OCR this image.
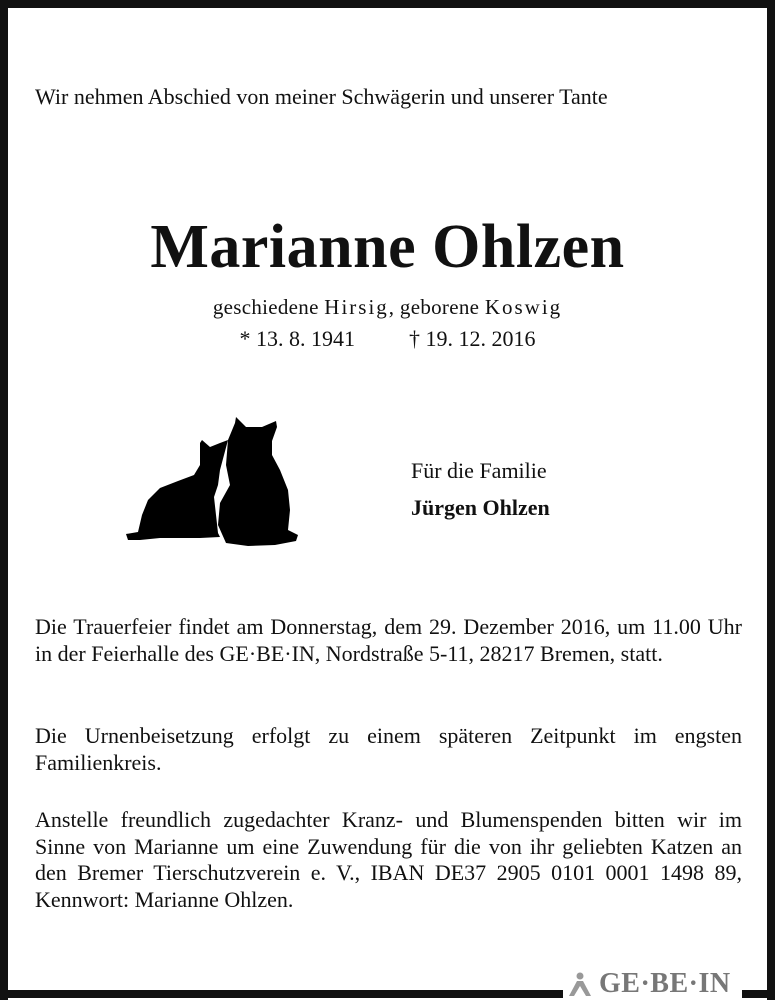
Wir nehmen Abschied von meiner Schwägerin und unserer Tante
Marianne Ohlzen
geschiedene Hirsig, geborene Koswig
* 13. 8. 1941 † 19. 12. 2016
Für die Familie
Jürgen Ohlzen
Die Trauerfeier findet am Donnerstag, dem 29. Dezember 2016, um 11.00 Uhr in der Feierhalle des GE·BE·IN, Nordstraße 5-11, 28217 Bremen, statt.
Die Urnenbeisetzung erfolgt zu einem späteren Zeitpunkt im engsten Familienkreis.
Anstelle freundlich zugedachter Kranz- und Blumenspenden bitten wir im Sinne von Marianne um eine Zuwendung für die von ihr geliebten Katzen an den Bremer Tierschutzverein e. V., IBAN DE37 2905 0101 0001 1498 89, Kennwort: Marianne Ohlzen.
GE·BE·IN
